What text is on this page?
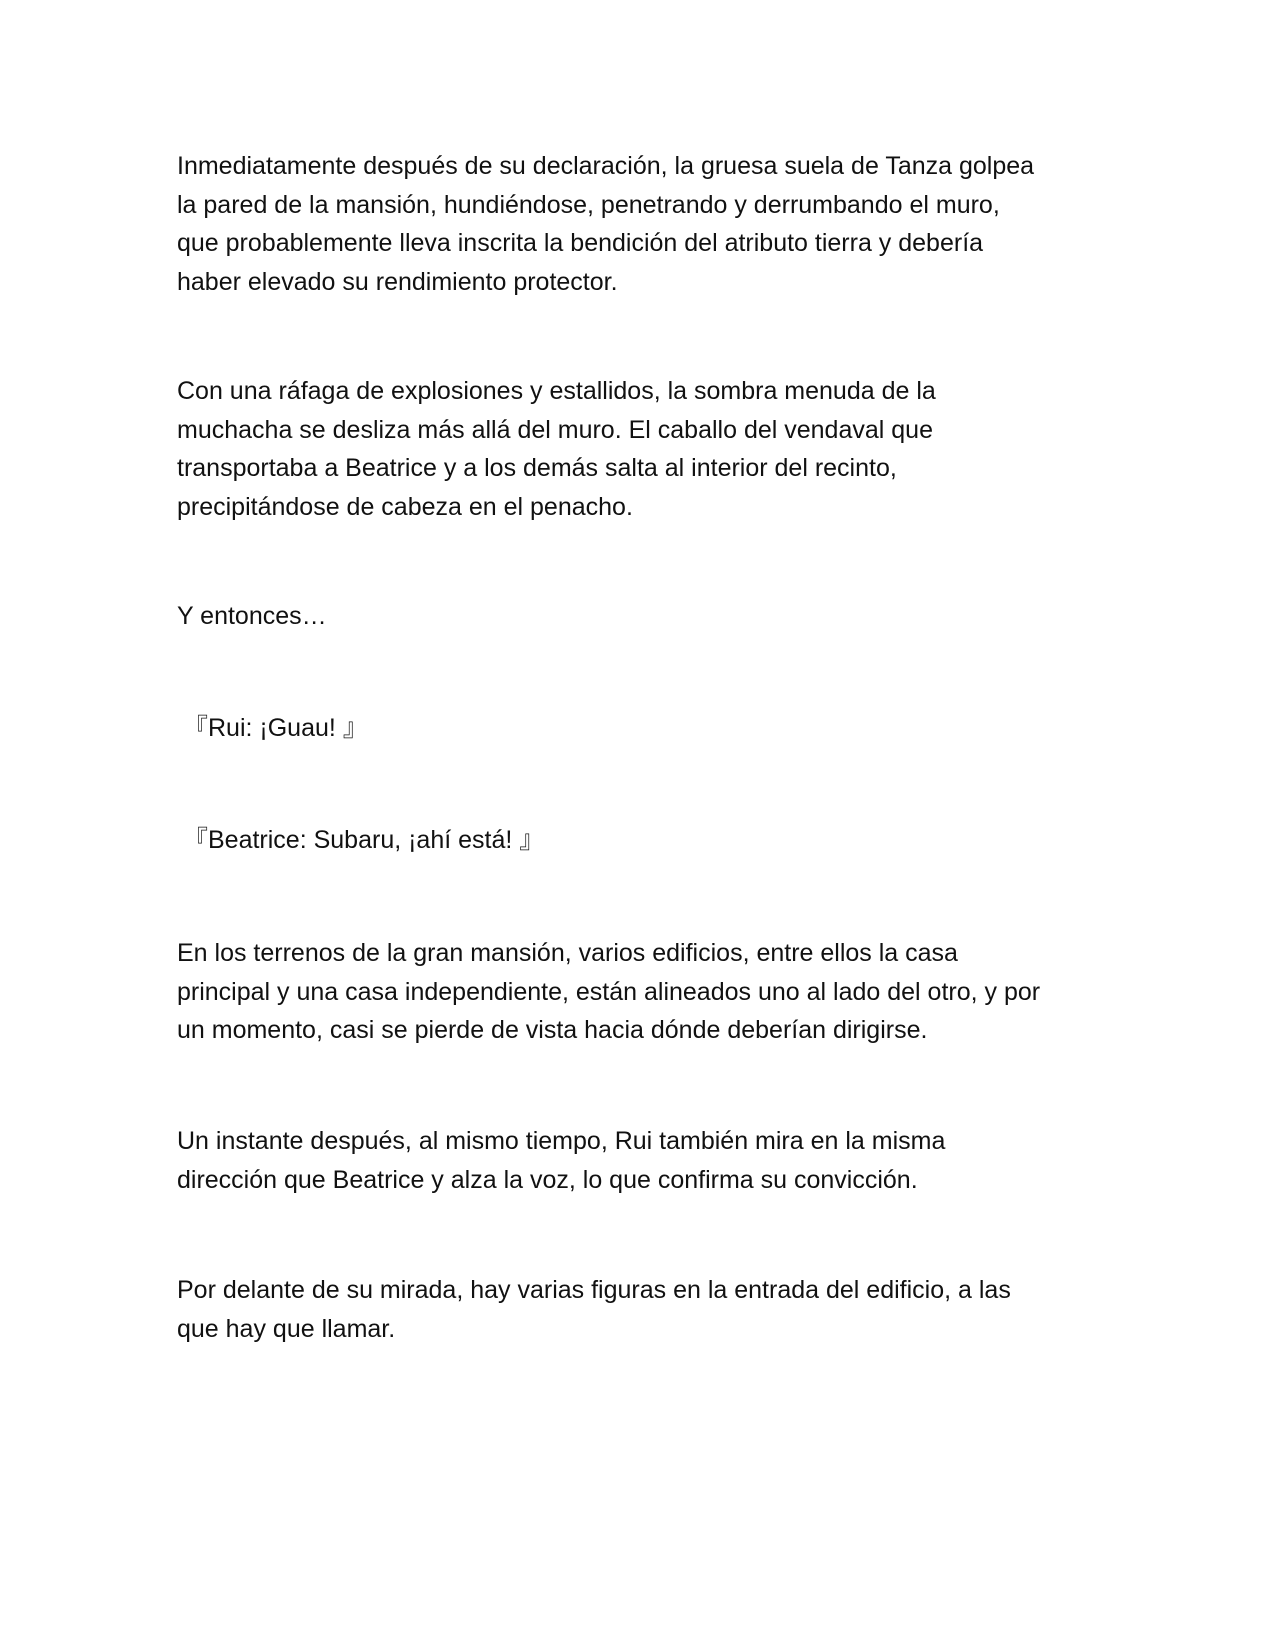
Inmediatamente después de su declaración, la gruesa suela de Tanza golpea
la pared de la mansión, hundiéndose, penetrando y derrumbando el muro,
que probablemente lleva inscrita la bendición del atributo tierra y debería
haber elevado su rendimiento protector.

Con una ráfaga de explosiones y estallidos, la sombra menuda de la
muchacha se desliza más allá del muro. El caballo del vendaval que
transportaba a Beatrice y a los demás salta al interior del recinto,
precipitándose de cabeza en el penacho.

Y entonces…

『Rui: ¡Guau! 』

『Beatrice: Subaru, ¡ahí está! 』

En los terrenos de la gran mansión, varios edificios, entre ellos la casa
principal y una casa independiente, están alineados uno al lado del otro, y por
un momento, casi se pierde de vista hacia dónde deberían dirigirse.

Un instante después, al mismo tiempo, Rui también mira en la misma
dirección que Beatrice y alza la voz, lo que confirma su convicción.

Por delante de su mirada, hay varias figuras en la entrada del edificio, a las
que hay que llamar.
